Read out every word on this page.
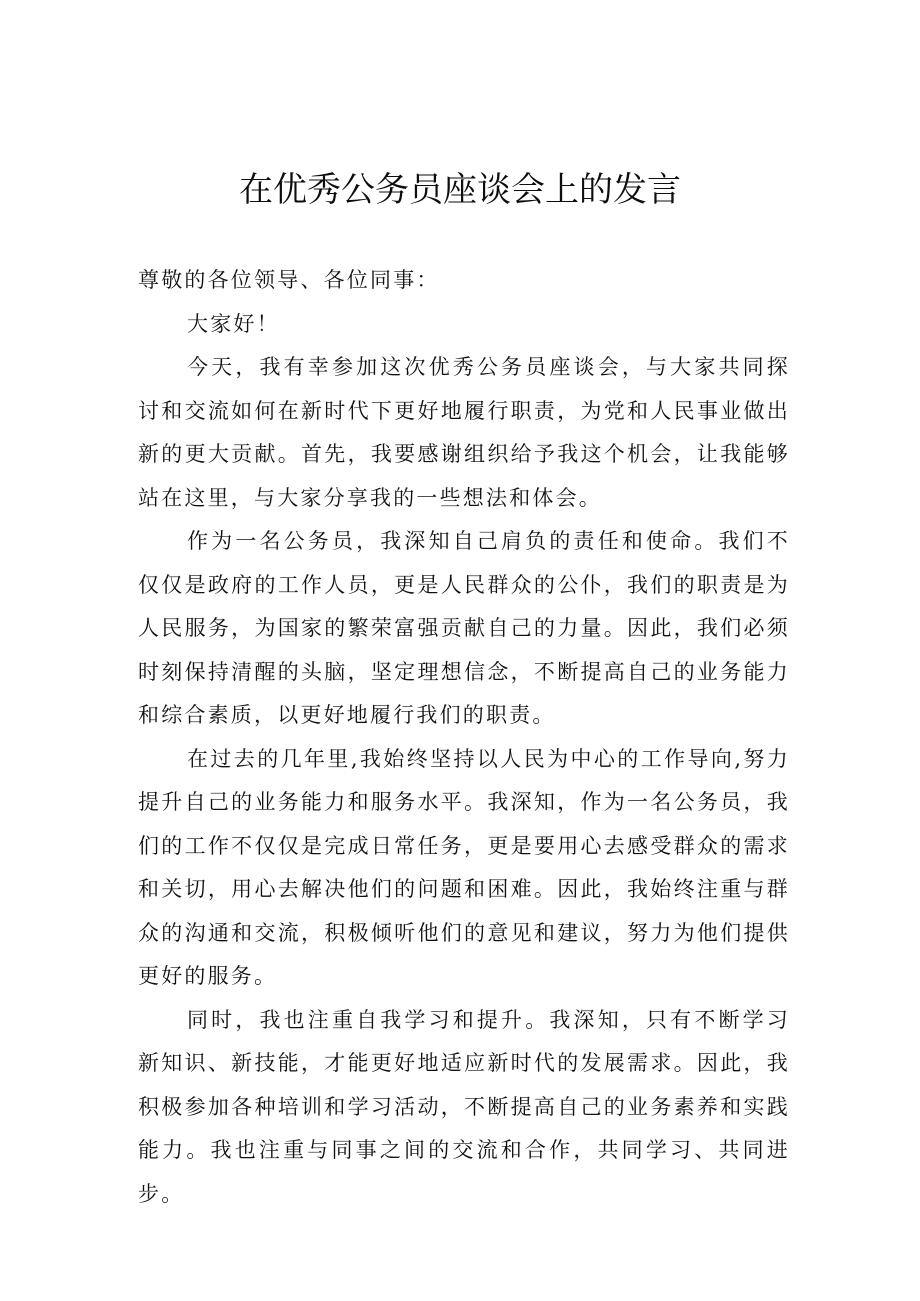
在优秀公务员座谈会上的发言

尊敬的各位领导、各位同事：

大家好！

今天，我有幸参加这次优秀公务员座谈会，与大家共同探讨和交流如何在新时代下更好地履行职责，为党和人民事业做出新的更大贡献。首先，我要感谢组织给予我这个机会，让我能够站在这里，与大家分享我的一些想法和体会。

作为一名公务员，我深知自己肩负的责任和使命。我们不仅仅是政府的工作人员，更是人民群众的公仆，我们的职责是为人民服务，为国家的繁荣富强贡献自己的力量。因此，我们必须时刻保持清醒的头脑，坚定理想信念，不断提高自己的业务能力和综合素质，以更好地履行我们的职责。

在过去的几年里,我始终坚持以人民为中心的工作导向,努力提升自己的业务能力和服务水平。我深知，作为一名公务员，我们的工作不仅仅是完成日常任务，更是要用心去感受群众的需求和关切，用心去解决他们的问题和困难。因此，我始终注重与群众的沟通和交流，积极倾听他们的意见和建议，努力为他们提供更好的服务。

同时，我也注重自我学习和提升。我深知，只有不断学习新知识、新技能，才能更好地适应新时代的发展需求。因此，我积极参加各种培训和学习活动，不断提高自己的业务素养和实践能力。我也注重与同事之间的交流和合作，共同学习、共同进步。
